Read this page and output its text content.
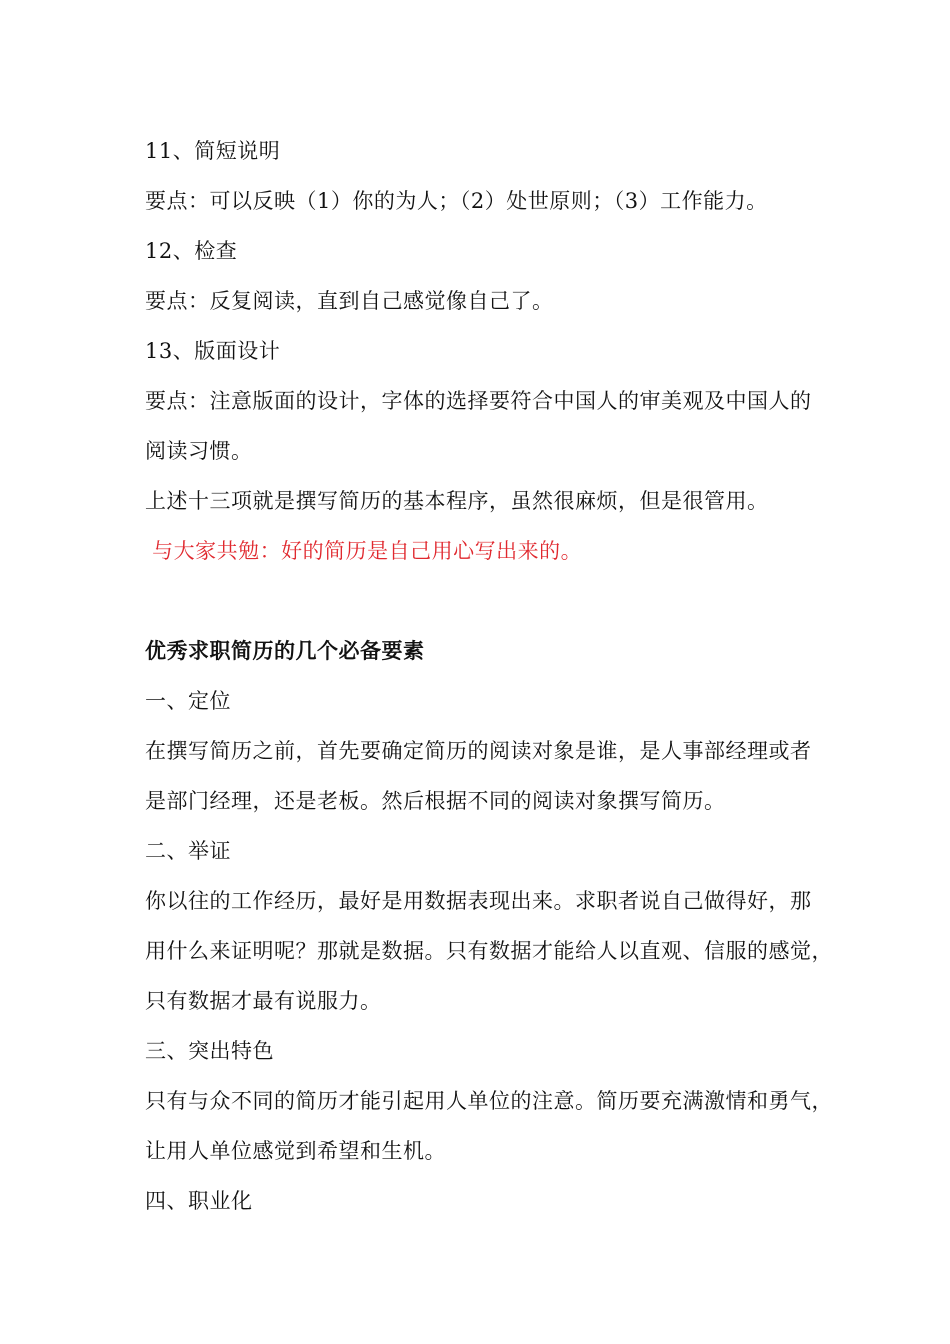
11、简短说明
要点：可以反映（1）你的为人；（2）处世原则；（3）工作能力。
12、检查
要点：反复阅读，直到自己感觉像自己了。
13、版面设计
要点：注意版面的设计，字体的选择要符合中国人的审美观及中国人的
阅读习惯。
上述十三项就是撰写简历的基本程序，虽然很麻烦，但是很管用。
与大家共勉：好的简历是自己用心写出来的。
优秀求职简历的几个必备要素
一、定位
在撰写简历之前，首先要确定简历的阅读对象是谁，是人事部经理或者
是部门经理，还是老板。然后根据不同的阅读对象撰写简历。
二、举证
你以往的工作经历，最好是用数据表现出来。求职者说自己做得好，那
用什么来证明呢？那就是数据。只有数据才能给人以直观、信服的感觉，
只有数据才最有说服力。
三、突出特色
只有与众不同的简历才能引起用人单位的注意。简历要充满激情和勇气，
让用人单位感觉到希望和生机。
四、职业化
